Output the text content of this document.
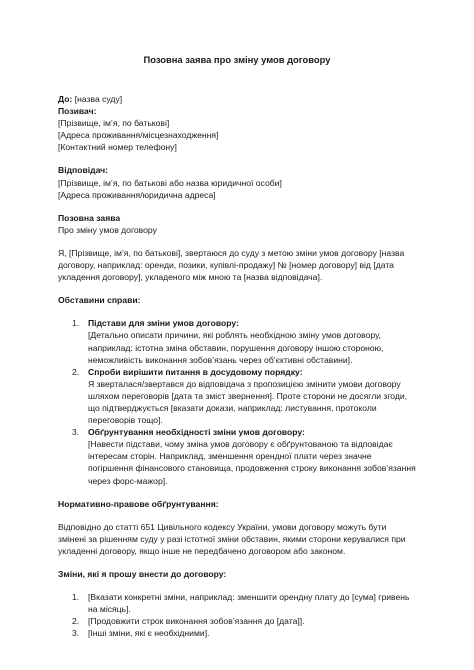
Позовна заява про зміну умов договору

До: [назва суду]

Позивач:

[Прізвище, ім’я, по батькові]

[Адреса проживання/місцезнаходження]

[Контактний номер телефону]

Відповідач:

[Прізвище, ім’я, по батькові або назва юридичної особи]

[Адреса проживання/юридична адреса]

Позовна заява

Про зміну умов договору

Я, [Прізвище, ім’я, по батькові], звертаюся до суду з метою зміни умов договору [назва договору, наприклад: оренди, позики, купівлі-продажу] № [номер договору] від [дата укладення договору], укладеного між мною та [назва відповідача].

Обставини справи:

1. Підстави для зміни умов договору:
[Детально описати причини, які роблять необхідною зміну умов договору, наприклад: істотна зміна обставин, порушення договору іншою стороною, неможливість виконання зобов’язань через об’єктивні обставини].
2. Спроби вирішити питання в досудовому порядку:
Я зверталася/звертався до відповідача з пропозицією змінити умови договору шляхом переговорів [дата та зміст звернення]. Проте сторони не досягли згоди, що підтверджується [вказати докази, наприклад: листування, протоколи переговорів тощо].
3. Обґрунтування необхідності зміни умов договору:
[Навести підстави, чому зміна умов договору є обґрунтованою та відповідає інтересам сторін. Наприклад, зменшення орендної плати через значне погіршення фінансового становища, продовження строку виконання зобов’язання через форс-мажор].

Нормативно-правове обґрунтування:

Відповідно до статті 651 Цивільного кодексу України, умови договору можуть бути змінені за рішенням суду у разі істотної зміни обставин, якими сторони керувалися при укладенні договору, якщо інше не передбачено договором або законом.

Зміни, які я прошу внести до договору:

1. [Вказати конкретні зміни, наприклад: зменшити орендну плату до [сума] гривень на місяць].
2. [Продовжити строк виконання зобов’язання до [дата]].
3. [Інші зміни, які є необхідними].
